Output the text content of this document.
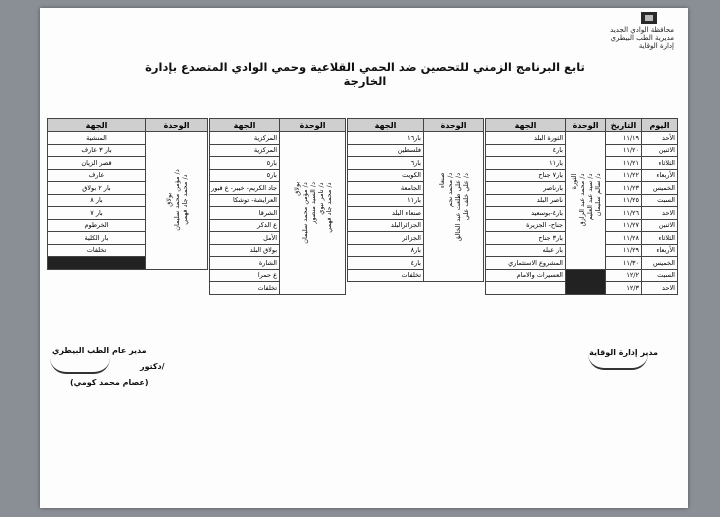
محافظة الوادي الجديد
مديرية الطب البيطري
إدارة الوقاية
تابع البرنامج الزمني للتحصين ضد الحمي القلاعية وحمي الوادي المتصدع بإدارة الخارجة
اليوم	التاريخ	الوحدة	الجهة
الأحد	١١/١٩	الثورة
د/ محمد عبد الرازق
د/ سيد عبد العليم
د/ سالم سليمان	الثورة البلد
الاثنين	١١/٢٠		بار٤
الثلاثاء	١١/٢١		بار١١
الأربعاء	١١/٢٢		بار٧ جناح
الخميس	١١/٢٣		بارناصر
السبت	١١/٢٥		ناصر البلد
الاحد	١١/٢٦		بار٤-بوسعيد
الاثنين	١١/٢٧		جناح- الجزيرة
الثلاثاء	١١/٢٨		بار٣ جناح
الأربعاء	١١/٢٩		بار عبله
الخميس	١١/٣٠		المشروع الاستثماري
السبت	١٢/٢		العسيرات والامام
الاحد	١٢/٣		
الوحدة	الجهة

صنعاء
د/ محمد نجم
د/ علي طلعت عبد الخالق
د/ علي خلف علي	بار١٦
	فلسطين
	بار٦
	الكويت
	الجامعة
	بار١١
	صنعاء البلد
	الجزائرالبلد
	الجزائر
	بار٨
	بار٤
	تخلفات
الوحدة	الجهة

بولاق
د/ مؤمن محمد سليمان
د/ السيد منصور
د/ تامر نبوي
د/ محمد جاد فهمي	المركزية
	المركزية
	بار٥
	بار٥
	جاد الكريم- خيبر- ع قبور
	العرايشة- توشكا
	الشرقا
	ع الدكر
	الأمل
	بولاق البلد
	الشارة
	ع حمرا
	تخلفات
الوحدة	الجهة

بولاق
د/ مؤمن محمد سليمان
د/ محمد جاد فهمي	المنشية
	بار ٣ عارف
	قصر الزيان
	عارف
	بار ٢ بولاق
	بار ٨
	بار ٧
	الخرطوم
	بار الكلية
	تخلفات

مدير إدارة الوقاية
مدير عام الطب البيطري
دكتور/
(عصام محمد كومي)
